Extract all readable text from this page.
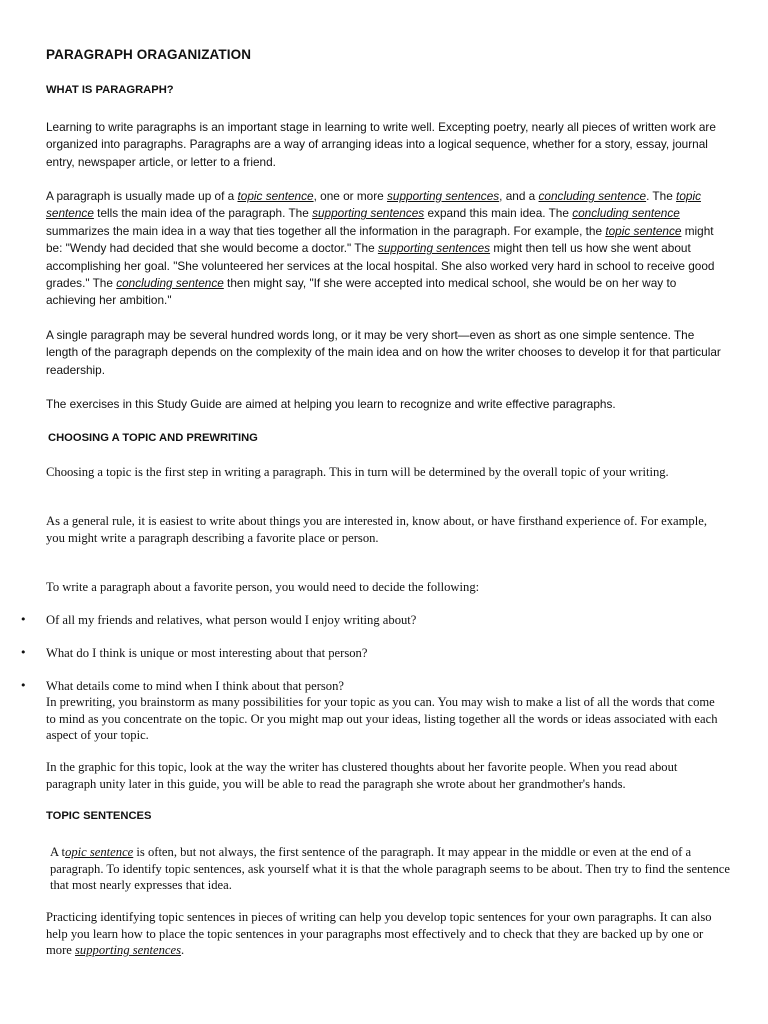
PARAGRAPH ORAGANIZATION
WHAT IS PARAGRAPH?

Learning to write paragraphs is an important stage in learning to write well. Excepting poetry, nearly all pieces of written work are organized into paragraphs. Paragraphs are a way of arranging ideas into a logical sequence, whether for a story, essay, journal entry, newspaper article, or letter to a friend.

A paragraph is usually made up of a topic sentence, one or more supporting sentences, and a concluding sentence. The topic sentence tells the main idea of the paragraph. The supporting sentences expand this main idea. The concluding sentence summarizes the main idea in a way that ties together all the information in the paragraph. For example, the topic sentence might be: "Wendy had decided that she would become a doctor." The supporting sentences might then tell us how she went about accomplishing her goal. "She volunteered her services at the local hospital. She also worked very hard in school to receive good grades." The concluding sentence then might say, "If she were accepted into medical school, she would be on her way to achieving her ambition."

A single paragraph may be several hundred words long, or it may be very short—even as short as one simple sentence. The length of the paragraph depends on the complexity of the main idea and on how the writer chooses to develop it for that particular readership.

The exercises in this Study Guide are aimed at helping you learn to recognize and write effective paragraphs.

CHOOSING A TOPIC AND PREWRITING

Choosing a topic is the first step in writing a paragraph. This in turn will be determined by the overall topic of your writing.

As a general rule, it is easiest to write about things you are interested in, know about, or have firsthand experience of. For example, you might write a paragraph describing a favorite place or person.

To write a paragraph about a favorite person, you would need to decide the following:

• Of all my friends and relatives, what person would I enjoy writing about?
• What do I think is unique or most interesting about that person?
• What details come to mind when I think about that person?

In prewriting, you brainstorm as many possibilities for your topic as you can. You may wish to make a list of all the words that come to mind as you concentrate on the topic. Or you might map out your ideas, listing together all the words or ideas associated with each aspect of your topic.

In the graphic for this topic, look at the way the writer has clustered thoughts about her favorite people. When you read about paragraph unity later in this guide, you will be able to read the paragraph she wrote about her grandmother's hands.

TOPIC SENTENCES

A topic sentence is often, but not always, the first sentence of the paragraph. It may appear in the middle or even at the end of a paragraph. To identify topic sentences, ask yourself what it is that the whole paragraph seems to be about. Then try to find the sentence that most nearly expresses that idea.

Practicing identifying topic sentences in pieces of writing can help you develop topic sentences for your own paragraphs. It can also help you learn how to place the topic sentences in your paragraphs most effectively and to check that they are backed up by one or more supporting sentences.
